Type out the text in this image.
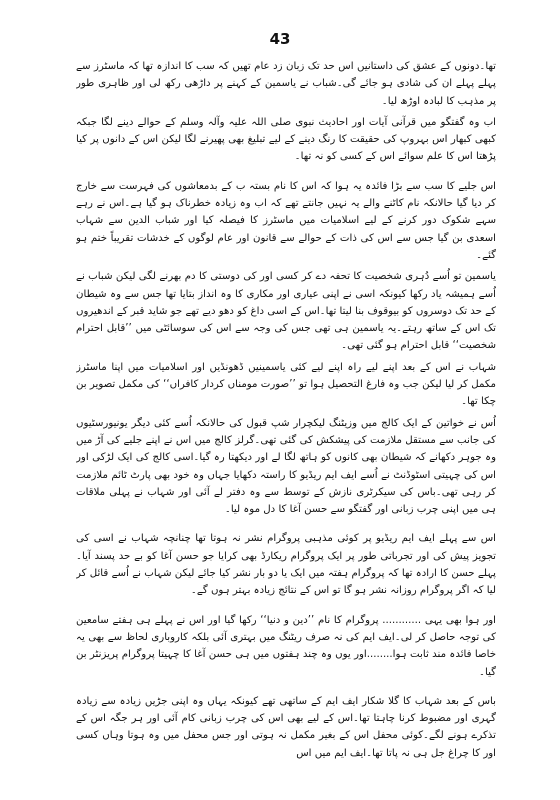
43

تھا۔دونوں کے عشق کی داستانیں اس حد تک زبان زد عام تھیں کہ سب کا اندازہ تھا کہ ماسٹرز سے پہلے پہلے ان کی شادی ہو جائے گی۔شباب نے یاسمین کے کہنے پر داڑھی رکھ لی اور ظاہری طور پر مذہب کا لبادہ اوڑھ لیا۔

اب وہ گفتگو میں قرآنی آیات اور احادیث نبوی صلی اللہ علیہ وآلہ وسلم کے حوالے دینے لگا جبکہ کبھی کبھار اس بہروپ کی حقیقت کا رنگ دینے کے لیے تبلیغ بھی پھیرنے لگا لیکن اس کے دانوں پر کیا پڑھتا اس کا علم سوائے اس کے کسی کو نہ تھا۔

اس جلیے کا سب سے بڑا فائدہ یہ ہوا کہ اس کا نام بستہ ب کے بدمعاشوں کی فہرست سے خارج کر دیا گیا حالانکہ نام کاٹنے والے یہ نہیں جانتے تھے کہ اب وہ زیادہ خطرناک ہو گیا ہے۔اس نے رہے سہے شکوک دور کرنے کے لیے اسلامیات میں ماسٹرز کا فیصلہ کیا اور شباب الدین سے شہاب اسعدی بن گیا جس سے اس کی ذات کے حوالے سے قانون اور عام لوگوں کے خدشات تقریباً ختم ہو گئے۔

یاسمین تو اُسے دُہری شخصیت کا تحفہ دے کر کسی اور کی دوستی کا دم بھرنے لگی لیکن شباب نے اُسے ہمیشہ یاد رکھا کیونکہ اسی نے اپنی عیاری اور مکاری کا وہ انداز بتایا تھا جس سے وہ شیطان کے حد تک دوسروں کو بیوقوف بنا لیتا تھا۔اس کے اسی داغ کو دھو دیے تھے جو شاید قبر کے اندھیروں تک اس کے ساتھ رہتے۔یہ یاسمین ہی تھی جس کی وجہ سے اس کی سوسائٹی میں ’’قابل احترام شخصیت‘‘ قابل احترام ہو گئی تھی۔

شہاب نے اس کے بعد اپنے لیے راہ اپنے لیے کئی یاسمینیں ڈھونڈیں اور اسلامیات میں اپنا ماسٹرز مکمل کر لیا لیکن جب وہ فارغ التحصیل ہوا تو ’’صورت مومناں کردار کافراں‘‘ کی مکمل تصویر بن چکا تھا۔

اُس نے خواتین کے ایک کالج میں وزیٹنگ لیکچرار شپ قبول کی حالانکہ اُسے کئی دیگر یونیورسٹیوں کی جانب سے مستقل ملازمت کی پیشکش کی گئی تھی۔گرلز کالج میں اس نے اپنے جلیے کی آڑ میں وہ جوہر دکھانے کہ شیطان بھی کانوں کو ہاتھ لگا لے اور دیکھتا رہ گیا۔اسی کالج کی ایک لڑکی اور اس کی چہیتی اسٹوڈنٹ نے اُسے ایف ایم ریڈیو کا راستہ دکھایا جہاں وہ خود بھی پارٹ ٹائم ملازمت کر رہی تھی۔باس کی سیکرٹری نازش کے توسط سے وہ دفتر لے آئی اور شہاب نے پہلی ملاقات ہی میں اپنی چرب زبانی اور گفتگو سے حسن آغا کا دل موہ لیا۔

اس سے پہلے ایف ایم ریڈیو پر کوئی مذہبی پروگرام نشر نہ ہوتا تھا چنانچہ شہاب نے اسی کی تجویز پیش کی اور تجرباتی طور پر ایک پروگرام ریکارڈ بھی کرایا جو حسن آغا کو بے حد پسند آیا۔پہلے حسن کا ارادہ تھا کہ پروگرام ہفتہ میں ایک یا دو بار نشر کیا جائے لیکن شہاب نے اُسے قائل کر لیا کہ اگر پروگرام روزانہ نشر ہو گا تو اس کے نتائج زیادہ بہتر ہوں گے۔

اور ہوا بھی یہی ............ پروگرام کا نام ’’دین و دنیا‘‘ رکھا گیا اور اس نے پہلے ہی ہفتے سامعین کی توجہ حاصل کر لی۔ایف ایم کی نہ صرف ریٹنگ میں بہتری آئی بلکہ کاروباری لحاظ سے بھی یہ خاصا فائدہ مند ثابت ہوا........اور یوں وہ چند ہفتوں میں ہی حسن آغا کا چہیتا پروگرام پریزنٹر بن گیا۔

باس کے بعد شہاب کا گلا شکار ایف ایم کے ساتھی تھے کیونکہ یہاں وہ اپنی جڑیں زیادہ سے زیادہ گہری اور مضبوط کرنا چاہتا تھا۔اس کے لیے بھی اس کی چرب زبانی کام آئی اور ہر جگہ اس کے تذکرے ہونے لگے۔کوئی محفل اس کے بغیر مکمل نہ ہوتی اور جس محفل میں وہ ہوتا وہاں کسی اور کا چراغ جل ہی نہ پاتا تھا۔ایف ایم میں اس
